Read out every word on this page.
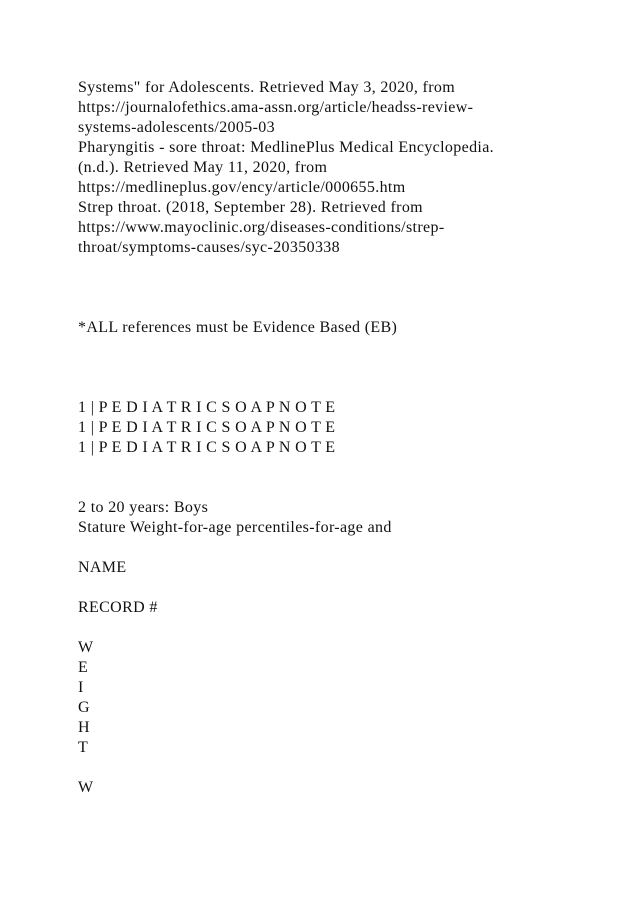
Systems" for Adolescents. Retrieved May 3, 2020, from
https://journalofethics.ama-assn.org/article/headss-review-
systems-adolescents/2005-03
Pharyngitis - sore throat: MedlinePlus Medical Encyclopedia.
(n.d.). Retrieved May 11, 2020, from
https://medlineplus.gov/ency/article/000655.htm
Strep throat. (2018, September 28). Retrieved from
https://www.mayoclinic.org/diseases-conditions/strep-
throat/symptoms-causes/syc-20350338
*ALL references must be Evidence Based (EB)
1 | P E D I A T R I C S O A P N O T E
1 | P E D I A T R I C S O A P N O T E
1 | P E D I A T R I C S O A P N O T E
2 to 20 years: Boys
Stature Weight-for-age percentiles-for-age and
NAME
RECORD #
W
E
I
G
H
T
W
